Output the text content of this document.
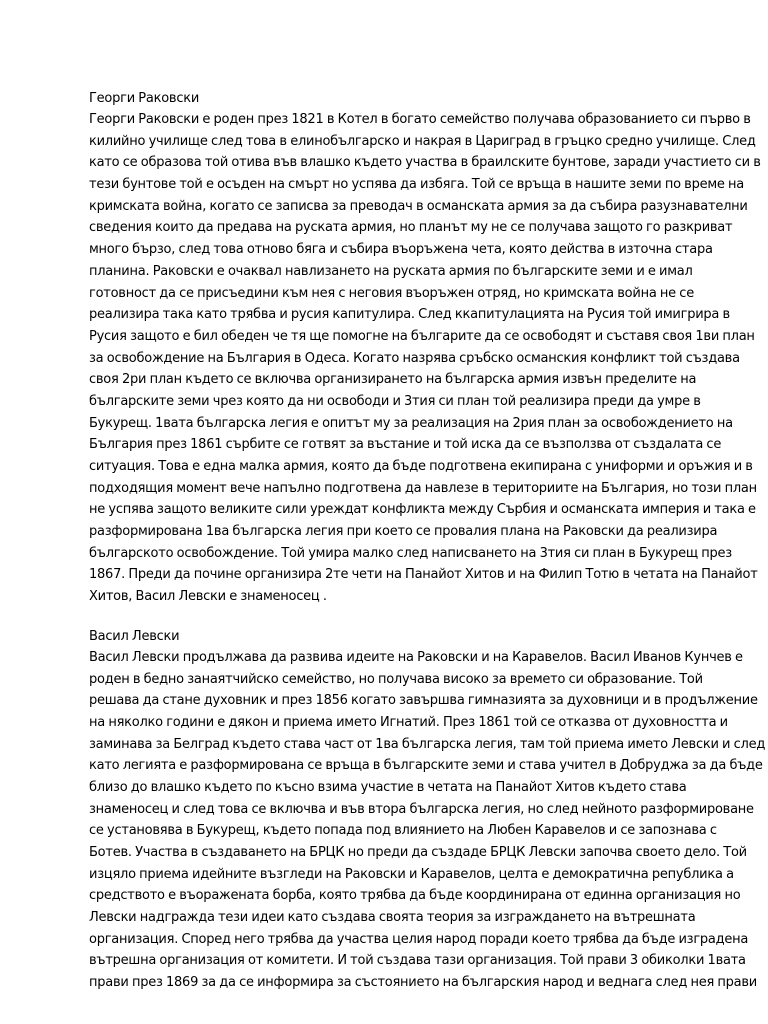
Георги Раковски
Георги Раковски е роден през 1821 в Котел в богато семейство получава образованието си първо в
килийно училище след това в елинобългарско и накрая в Цариград в гръцко средно училище. След
като се образова той отива във влашко където участва в браилските бунтове, заради участието си в
тези бунтове той е осъден на смърт но успява да избяга. Той се връща в нашите земи по време на
кримската война, когато се записва за преводач в османската армия за да събира разузнавателни
сведения които да предава на руската армия, но планът му не се получава защото го разкриват
много бързо, след това отново бяга и събира въоръжена чета, която действа в източна стара
планина. Раковски е очаквал навлизането на руската армия по българските земи и е имал
готовност да се присъедини към нея с неговия въоръжен отряд, но кримската война не се
реализира така като трябва и русия капитулира. След ккапитулацията на Русия той имигрира в
Русия защото е бил обеден че тя ще помогне на българите да се освободят и съставя своя 1ви план
за освобождение на България в Одеса. Когато назрява сръбско османския конфликт той създава
своя 2ри план където се включва организирането на българска армия извън пределите на
българските земи чрез която да ни освободи и 3тия си план той реализира преди да умре в
Букурещ. 1вата българска легия е опитът му за реализация на 2рия план за освобождението на
България през 1861 сърбите се готвят за въстание и той иска да се възползва от създалата се
ситуация. Това е една малка армия, която да бъде подготвена екипирана с униформи и оръжия и в
подходящия момент вече напълно подготвена да навлезе в териториите на България, но този план
не успява защото великите сили уреждат конфликта между Сърбия и османската империя и така е
разформирована 1ва българска легия при което се провалия плана на Раковски да реализира
българското освобождение. Той умира малко след написването на 3тия си план в Букурещ през
1867. Преди да почине организира 2те чети на Панайот Хитов и на Филип Тотю в четата на Панайот
Хитов, Васил Левски е знаменосец .
Васил Левски
Васил Левски продължава да развива идеите на Раковски и на Каравелов. Васил Иванов Кунчев е
роден в бедно занаятчийско семейство, но получава високо за времето си образование. Той
решава да стане духовник и през 1856 когато завършва гимназията за духовници и в продължение
на няколко години е дякон и приема името Игнатий. През 1861 той се отказва от духовността и
заминава за Белград където става част от 1ва българска легия, там той приема името Левски и след
като легията е разформирована се връща в българските земи и става учител в Добруджа за да бъде
близо до влашко където по късно взима участие в четата на Панайот Хитов където става
знаменосец и след това се включва и във втора българска легия, но след нейното разформироване
се установява в Букурещ, където попада под влиянието на Любен Каравелов и се запознава с
Ботев. Участва в създаването на БРЦК но преди да създаде БРЦК Левски започва своето дело. Той
изцяло приема идейните възгледи на Раковски и Каравелов, целта е демократична република а
средството е въоражената борба, която трябва да бъде координирана от единна организация но
Левски надгражда тези идеи като създава своята теория за изграждането на вътрешната
организация. Според него трябва да участва целия народ поради което трябва да бъде изградена
вътрешна организация от комитети. И той създава тази организация. Той прави 3 обиколки 1вата
прави през 1869 за да се информира за състоянието на българския народ и веднага след нея прави
